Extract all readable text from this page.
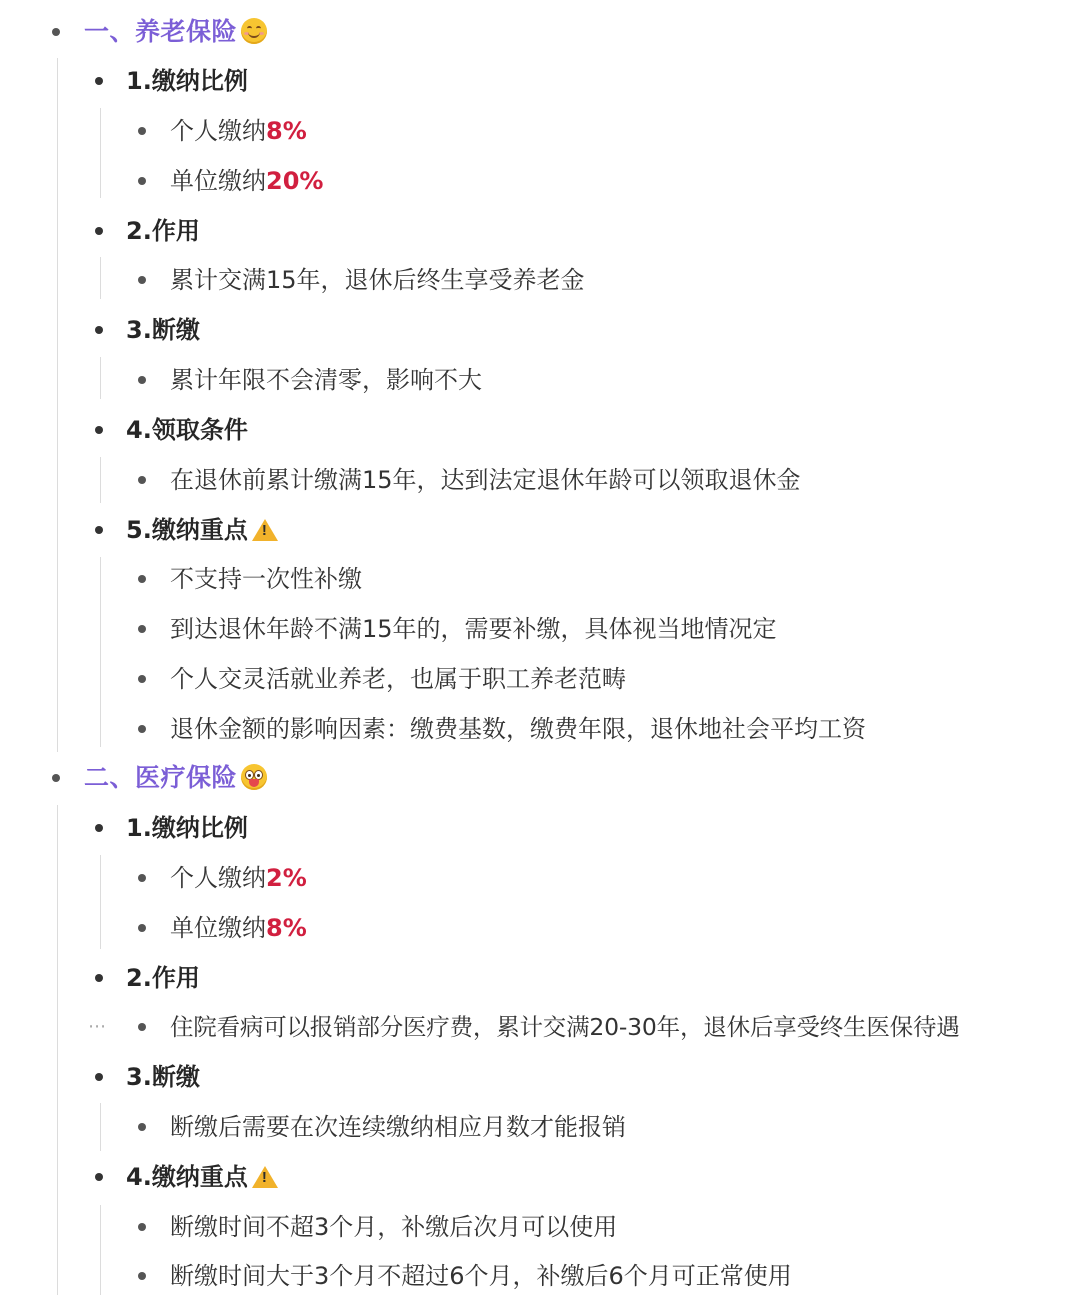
一、养老保险
1.缴纳比例
个人缴纳8%
单位缴纳20%
2.作用
累计交满15年，退休后终生享受养老金
3.断缴
累计年限不会清零，影响不大
4.领取条件
在退休前累计缴满15年，达到法定退休年龄可以领取退休金
5.缴纳重点!
不支持一次性补缴
到达退休年龄不满15年的，需要补缴，具体视当地情况定
个人交灵活就业养老，也属于职工养老范畴
退休金额的影响因素：缴费基数，缴费年限，退休地社会平均工资
二、医疗保险
1.缴纳比例
个人缴纳2%
单位缴纳8%
2.作用
⋯	住院看病可以报销部分医疗费，累计交满20-30年，退休后享受终生医保待遇
3.断缴
断缴后需要在次连续缴纳相应月数才能报销
4.缴纳重点!
断缴时间不超3个月，补缴后次月可以使用
断缴时间大于3个月不超过6个月，补缴后6个月可正常使用
